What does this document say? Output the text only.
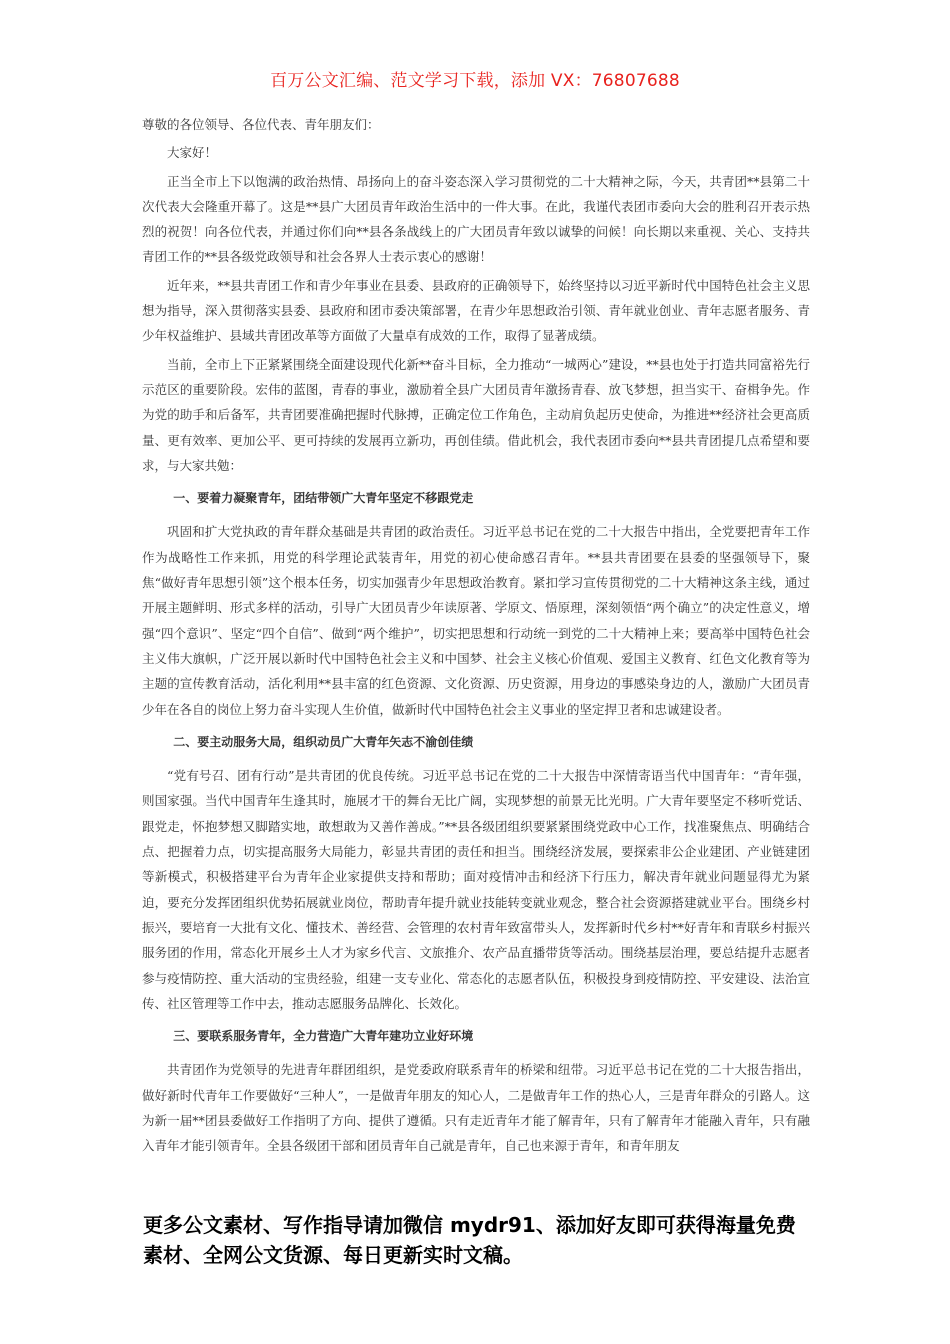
百万公文汇编、范文学习下载，添加 VX：76807688

尊敬的各位领导、各位代表、青年朋友们：

大家好！

正当全市上下以饱满的政治热情、昂扬向上的奋斗姿态深入学习贯彻党的二十大精神之际，今天，共青团**县第二十次代表大会隆重开幕了。这是**县广大团员青年政治生活中的一件大事。在此，我谨代表团市委向大会的胜利召开表示热烈的祝贺！向各位代表，并通过你们向**县各条战线上的广大团员青年致以诚挚的问候！向长期以来重视、关心、支持共青团工作的**县各级党政领导和社会各界人士表示衷心的感谢！

近年来，**县共青团工作和青少年事业在县委、县政府的正确领导下，始终坚持以习近平新时代中国特色社会主义思想为指导，深入贯彻落实县委、县政府和团市委决策部署，在青少年思想政治引领、青年就业创业、青年志愿者服务、青少年权益维护、县域共青团改革等方面做了大量卓有成效的工作，取得了显著成绩。

当前，全市上下正紧紧围绕全面建设现代化新**奋斗目标，全力推动“一城两心”建设，**县也处于打造共同富裕先行示范区的重要阶段。宏伟的蓝图，青春的事业，激励着全县广大团员青年激扬青春、放飞梦想，担当实干、奋楫争先。作为党的助手和后备军，共青团要准确把握时代脉搏，正确定位工作角色，主动肩负起历史使命，为推进**经济社会更高质量、更有效率、更加公平、更可持续的发展再立新功，再创佳绩。借此机会，我代表团市委向**县共青团提几点希望和要求，与大家共勉：

一、要着力凝聚青年，团结带领广大青年坚定不移跟党走

巩固和扩大党执政的青年群众基础是共青团的政治责任。习近平总书记在党的二十大报告中指出，全党要把青年工作作为战略性工作来抓，用党的科学理论武装青年，用党的初心使命感召青年。**县共青团要在县委的坚强领导下，聚焦“做好青年思想引领”这个根本任务，切实加强青少年思想政治教育。紧扣学习宣传贯彻党的二十大精神这条主线，通过开展主题鲜明、形式多样的活动，引导广大团员青少年读原著、学原文、悟原理，深刻领悟“两个确立”的决定性意义，增强“四个意识”、坚定“四个自信”、做到“两个维护”，切实把思想和行动统一到党的二十大精神上来；要高举中国特色社会主义伟大旗帜，广泛开展以新时代中国特色社会主义和中国梦、社会主义核心价值观、爱国主义教育、红色文化教育等为主题的宣传教育活动，活化利用**县丰富的红色资源、文化资源、历史资源，用身边的事感染身边的人，激励广大团员青少年在各自的岗位上努力奋斗实现人生价值，做新时代中国特色社会主义事业的坚定捍卫者和忠诚建设者。

二、要主动服务大局，组织动员广大青年矢志不渝创佳绩

“党有号召、团有行动”是共青团的优良传统。习近平总书记在党的二十大报告中深情寄语当代中国青年：“青年强，则国家强。当代中国青年生逢其时，施展才干的舞台无比广阔，实现梦想的前景无比光明。广大青年要坚定不移听党话、跟党走，怀抱梦想又脚踏实地，敢想敢为又善作善成。”**县各级团组织要紧紧围绕党政中心工作，找准聚焦点、明确结合点、把握着力点，切实提高服务大局能力，彰显共青团的责任和担当。围绕经济发展，要探索非公企业建团、产业链建团等新模式，积极搭建平台为青年企业家提供支持和帮助；面对疫情冲击和经济下行压力，解决青年就业问题显得尤为紧迫，要充分发挥团组织优势拓展就业岗位，帮助青年提升就业技能转变就业观念，整合社会资源搭建就业平台。围绕乡村振兴，要培育一大批有文化、懂技术、善经营、会管理的农村青年致富带头人，发挥新时代乡村**好青年和青联乡村振兴服务团的作用，常态化开展乡土人才为家乡代言、文旅推介、农产品直播带货等活动。围绕基层治理，要总结提升志愿者参与疫情防控、重大活动的宝贵经验，组建一支专业化、常态化的志愿者队伍，积极投身到疫情防控、平安建设、法治宣传、社区管理等工作中去，推动志愿服务品牌化、长效化。

三、要联系服务青年，全力营造广大青年建功立业好环境

共青团作为党领导的先进青年群团组织，是党委政府联系青年的桥梁和纽带。习近平总书记在党的二十大报告指出，做好新时代青年工作要做好“三种人”，一是做青年朋友的知心人，二是做青年工作的热心人，三是青年群众的引路人。这为新一届**团县委做好工作指明了方向、提供了遵循。只有走近青年才能了解青年，只有了解青年才能融入青年，只有融入青年才能引领青年。全县各级团干部和团员青年自己就是青年，自己也来源于青年，和青年朋友

更多公文素材、写作指导请加微信 mydr91、添加好友即可获得海量免费素材、全网公文货源、每日更新实时文稿。
